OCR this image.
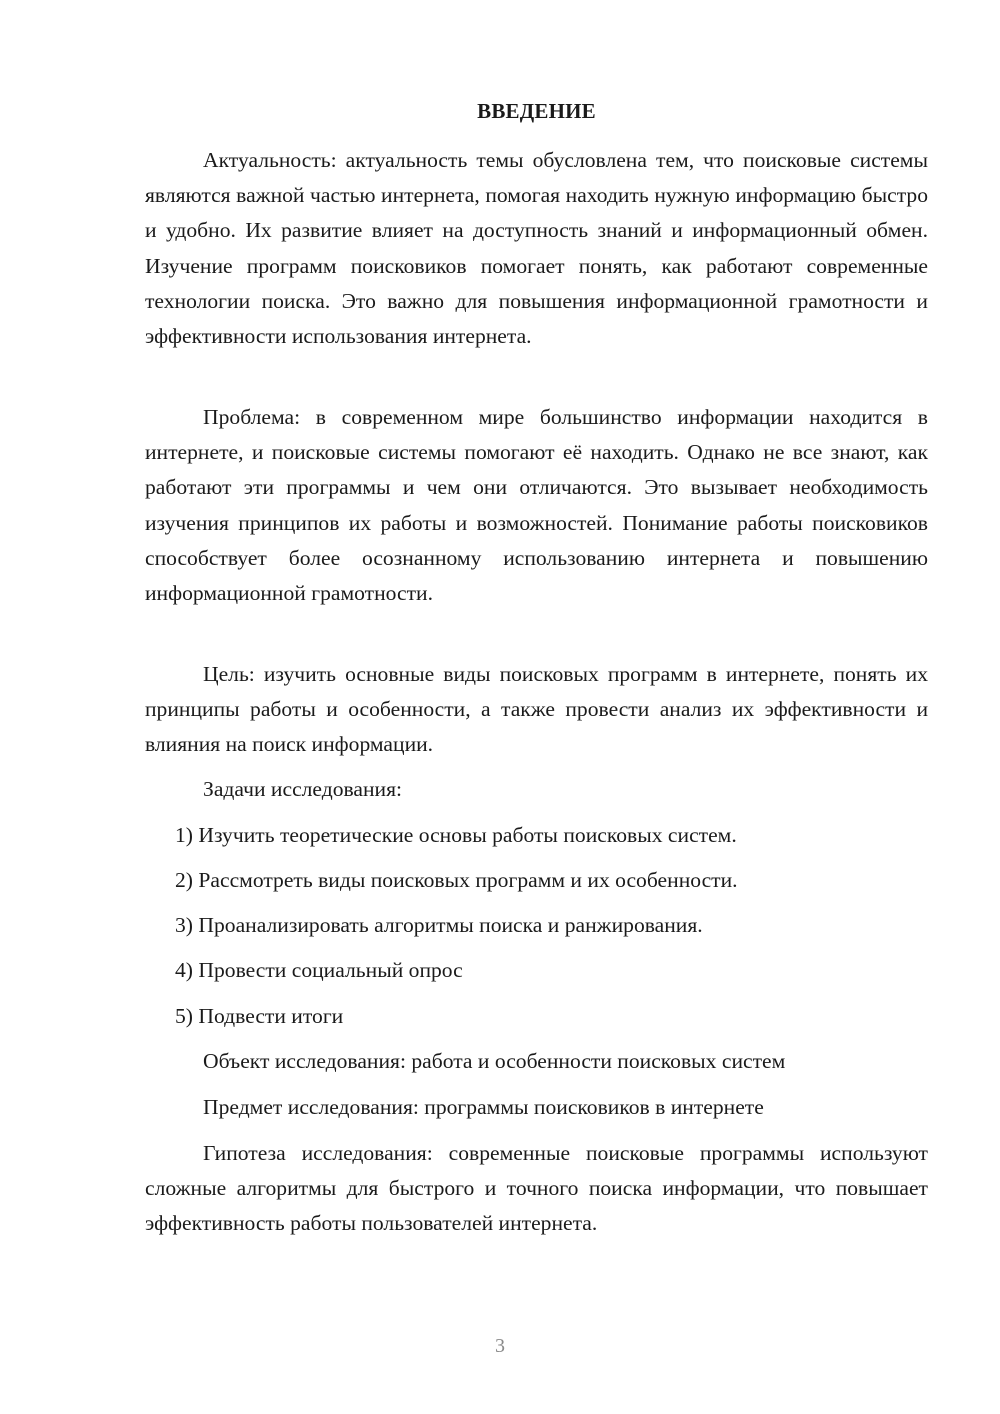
ВВЕДЕНИЕ

Актуальность: актуальность темы обусловлена тем, что поисковые системы являются важной частью интернета, помогая находить нужную информацию быстро и удобно. Их развитие влияет на доступность знаний и информационный обмен. Изучение программ поисковиков помогает понять, как работают современные технологии поиска. Это важно для повышения информационной грамотности и эффективности использования интернета.

Проблема: в современном мире большинство информации находится в интернете, и поисковые системы помогают её находить. Однако не все знают, как работают эти программы и чем они отличаются. Это вызывает необходимость изучения принципов их работы и возможностей. Понимание работы поисковиков способствует более осознанному использованию интернета и повышению информационной грамотности.

Цель: изучить основные виды поисковых программ в интернете, понять их принципы работы и особенности, а также провести анализ их эффективности и влияния на поиск информации.

Задачи исследования:

1) Изучить теоретические основы работы поисковых систем.

2) Рассмотреть виды поисковых программ и их особенности.

3) Проанализировать алгоритмы поиска и ранжирования.

4) Провести социальный опрос

5) Подвести итоги

Объект исследования: работа и особенности поисковых систем

Предмет исследования: программы поисковиков в интернете

Гипотеза исследования: современные поисковые программы используют сложные алгоритмы для быстрого и точного поиска информации, что повышает эффективность работы пользователей интернета.

3
